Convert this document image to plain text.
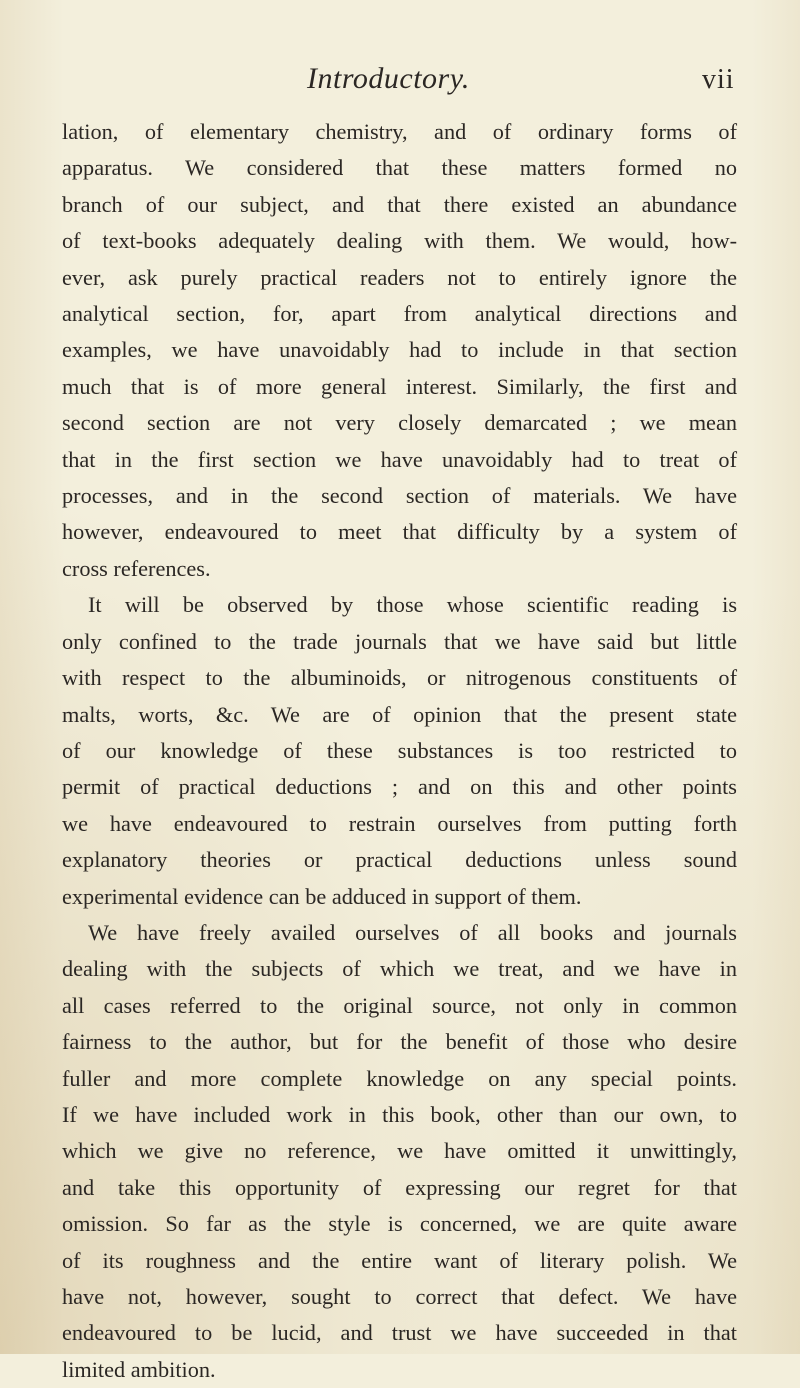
Introductory.	vii
lation, of elementary chemistry, and of ordinary forms of
apparatus. We considered that these matters formed no
branch of our subject, and that there existed an abundance
of text-books adequately dealing with them. We would, how-
ever, ask purely practical readers not to entirely ignore the
analytical section, for, apart from analytical directions and
examples, we have unavoidably had to include in that section
much that is of more general interest. Similarly, the first and
second section are not very closely demarcated ; we mean
that in the first section we have unavoidably had to treat of
processes, and in the second section of materials. We have
however, endeavoured to meet that difficulty by a system of
cross references.
It will be observed by those whose scientific reading is
only confined to the trade journals that we have said but little
with respect to the albuminoids, or nitrogenous constituents of
malts, worts, &c. We are of opinion that the present state
of our knowledge of these substances is too restricted to
permit of practical deductions ; and on this and other points
we have endeavoured to restrain ourselves from putting forth
explanatory theories or practical deductions unless sound
experimental evidence can be adduced in support of them.
We have freely availed ourselves of all books and journals
dealing with the subjects of which we treat, and we have in
all cases referred to the original source, not only in common
fairness to the author, but for the benefit of those who desire
fuller and more complete knowledge on any special points.
If we have included work in this book, other than our own, to
which we give no reference, we have omitted it unwittingly,
and take this opportunity of expressing our regret for that
omission. So far as the style is concerned, we are quite aware
of its roughness and the entire want of literary polish. We
have not, however, sought to correct that defect. We have
endeavoured to be lucid, and trust we have succeeded in that
limited ambition.
